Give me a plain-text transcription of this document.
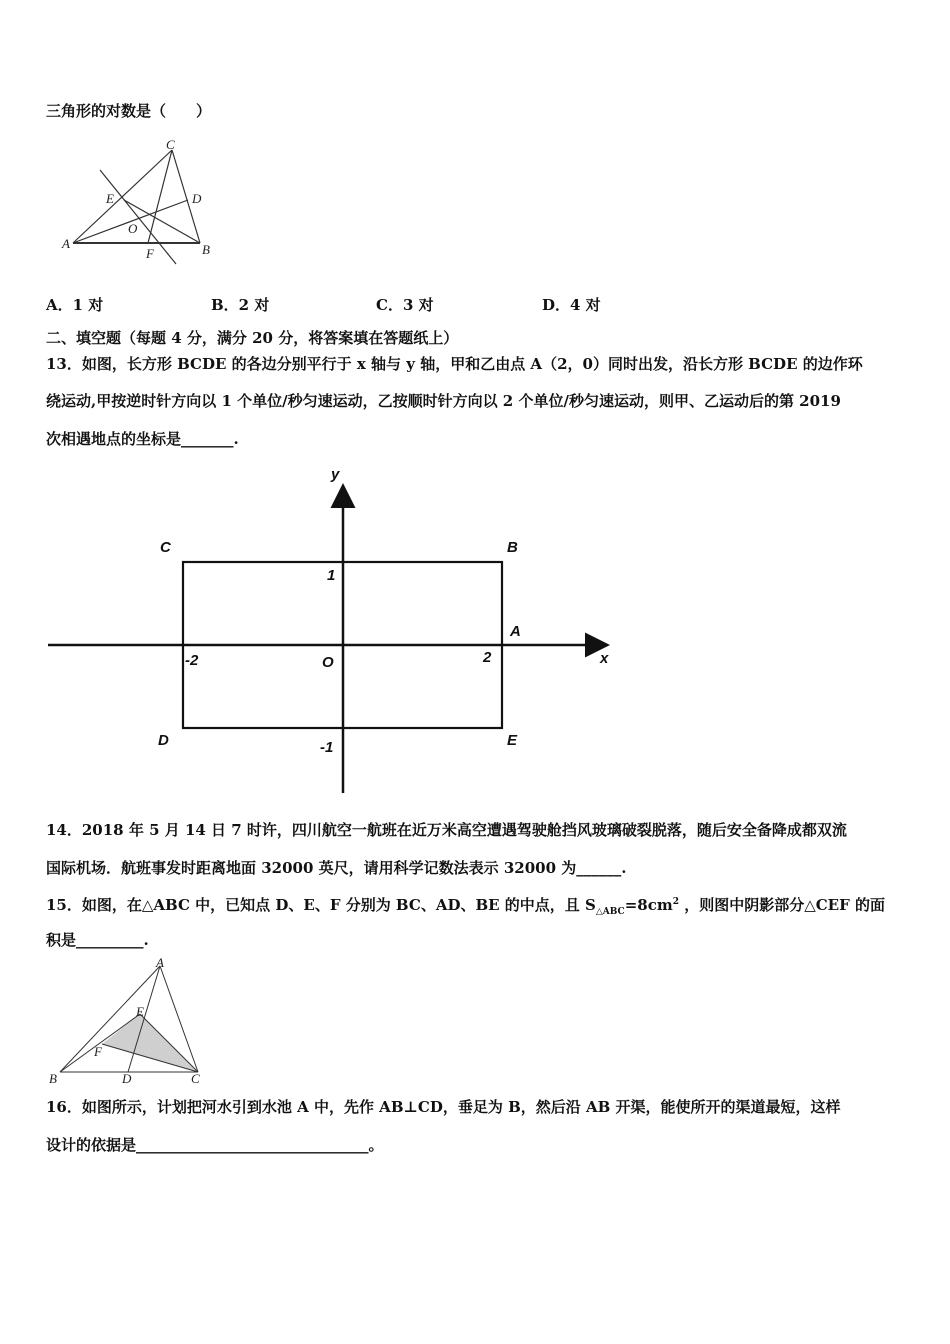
三角形的对数是（　　）
C
D
E
O
A	B
F
A．1 对	B．2 对	C．3 对	D．4 对
二、填空题（每题 4 分，满分 20 分，将答案填在答题纸上）
13．如图，长方形 BCDE 的各边分别平行于 x 轴与 y 轴，甲和乙由点 A（2，0）同时出发，沿长方形 BCDE 的边作环
绕运动,甲按逆时针方向以 1 个单位/秒匀速运动，乙按顺时针方向以 2 个单位/秒匀速运动，则甲、乙运动后的第 2019
次相遇地点的坐标是_______.
y
x
C	B
A
D	E
O
1
-1
2
-2
14．2018 年 5 月 14 日 7 时许，四川航空一航班在近万米高空遭遇驾驶舱挡风玻璃破裂脱落，随后安全备降成都双流
国际机场．航班事发时距离地面 32000 英尺，请用科学记数法表示 32000 为______.
15．如图，在△ABC 中，已知点 D、E、F 分别为 BC、AD、BE 的中点，且 $S_{\triangle ABC}=8cm^2$ ，则图中阴影部分△CEF 的面
积是_________.
A
E
F
B	D	C
16．如图所示，计划把河水引到水池 A 中，先作 AB⊥CD，垂足为 B，然后沿 AB 开渠，能使所开的渠道最短，这样
设计的依据是_______________________________。
